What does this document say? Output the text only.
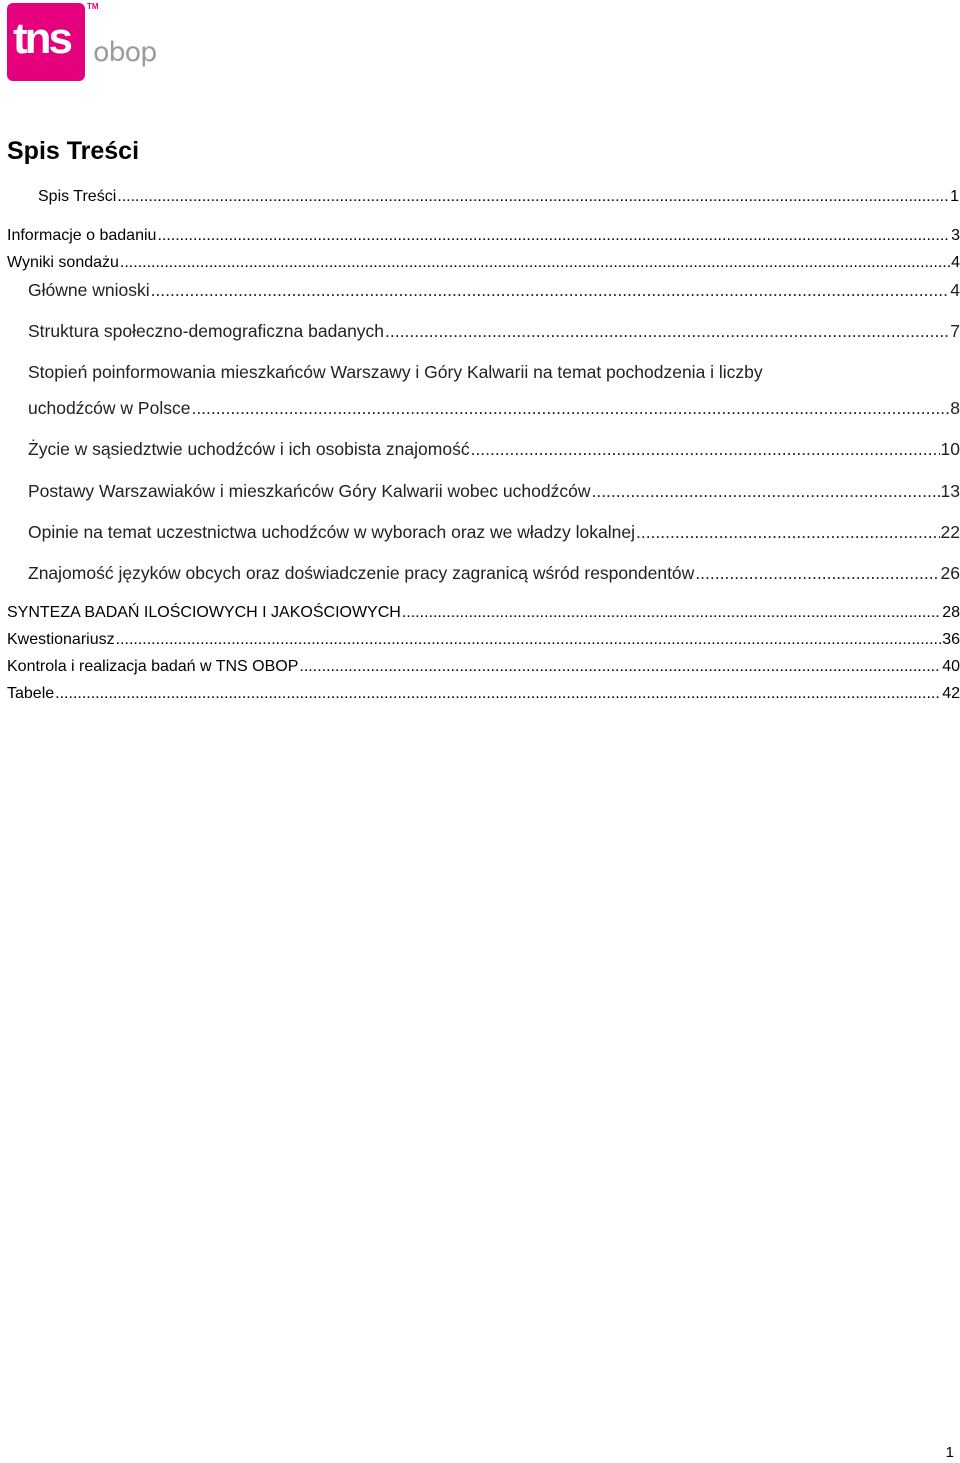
tns
TM
obop
Spis Treści
Spis Treści .....	1
Informacje o badaniu .....	3
Wyniki sondażu .....	4
Główne wnioski .....	4
Struktura społeczno-demograficzna badanych .....	7
Stopień poinformowania mieszkańców Warszawy i Góry Kalwarii na temat pochodzenia i liczby
uchodźców w Polsce .....	8
Życie w sąsiedztwie uchodźców i ich osobista znajomość .....	10
Postawy Warszawiaków i mieszkańców Góry Kalwarii wobec uchodźców .....	13
Opinie na temat uczestnictwa uchodźców w wyborach oraz we władzy lokalnej .....	22
Znajomość języków obcych oraz doświadczenie pracy zagranicą wśród respondentów .....	26
SYNTEZA BADAŃ ILOŚCIOWYCH I JAKOŚCIOWYCH .....	28
Kwestionariusz .....	36
Kontrola i realizacja badań w TNS OBOP .....	40
Tabele .....	42
1
